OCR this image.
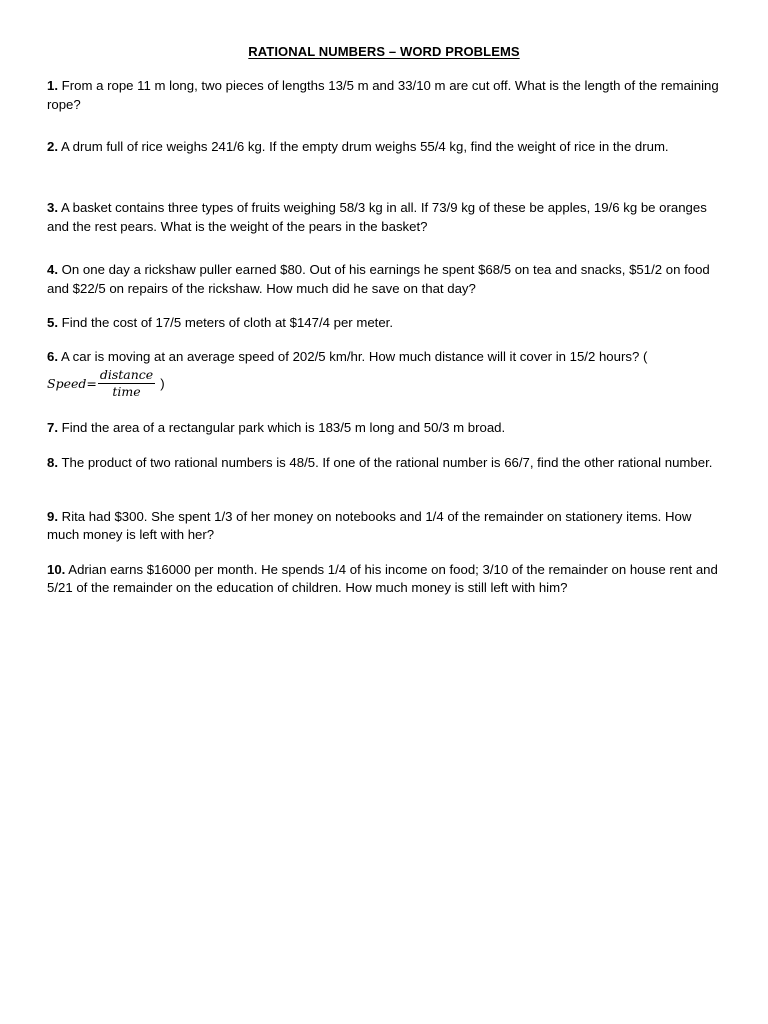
RATIONAL NUMBERS – WORD PROBLEMS
1. From a rope 11 m long, two pieces of lengths 13/5 m and 33/10 m are cut off. What is the length of the remaining rope?
2. A drum full of rice weighs 241/6 kg. If the empty drum weighs 55/4 kg, find the weight of rice in the drum.
3. A basket contains three types of fruits weighing 58/3 kg in all. If 73/9 kg of these be apples, 19/6 kg be oranges and the rest pears. What is the weight of the pears in the basket?
4. On one day a rickshaw puller earned $80. Out of his earnings he spent $68/5 on tea and snacks, $51/2 on food and $22/5 on repairs of the rickshaw. How much did he save on that day?
5. Find the cost of 17/5 meters of cloth at $147/4 per meter.
6. A car is moving at an average speed of 202/5 km/hr. How much distance will it cover in 15/2 hours? (
Speed= $\frac{\text{distance}}{\text{time}}$ )
7. Find the area of a rectangular park which is 183/5 m long and 50/3 m broad.
8. The product of two rational numbers is 48/5. If one of the rational number is 66/7, find the other rational number.
9. Rita had $300. She spent 1/3 of her money on notebooks and 1/4 of the remainder on stationery items. How much money is left with her?
10. Adrian earns $16000 per month. He spends 1/4 of his income on food; 3/10 of the remainder on house rent and 5/21 of the remainder on the education of children. How much money is still left with him?
